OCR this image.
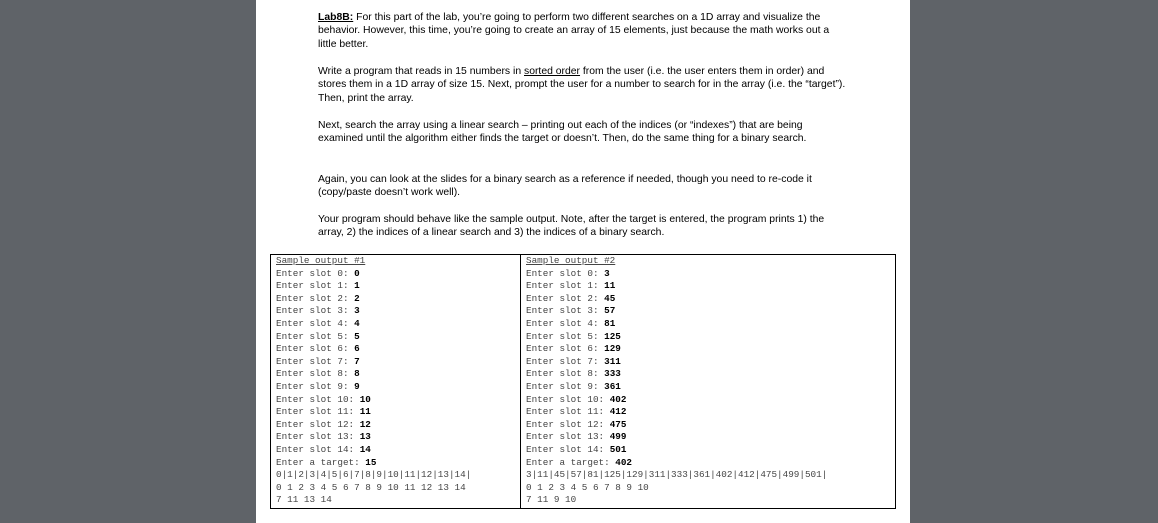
Lab8B: For this part of the lab, you’re going to perform two different searches on a 1D array and visualize the behavior. However, this time, you’re going to create an array of 15 elements, just because the math works out a little better.
Write a program that reads in 15 numbers in sorted order from the user (i.e. the user enters them in order) and stores them in a 1D array of size 15. Next, prompt the user for a number to search for in the array (i.e. the “target”). Then, print the array.
Next, search the array using a linear search – printing out each of the indices (or “indexes”) that are being examined until the algorithm either finds the target or doesn’t. Then, do the same thing for a binary search.
Again, you can look at the slides for a binary search as a reference if needed, though you need to re-code it (copy/paste doesn’t work well).
Your program should behave like the sample output. Note, after the target is entered, the program prints 1) the array, 2) the indices of a linear search and 3) the indices of a binary search.
Sample output #1
Enter slot 0: 0
Enter slot 1: 1
Enter slot 2: 2
Enter slot 3: 3
Enter slot 4: 4
Enter slot 5: 5
Enter slot 6: 6
Enter slot 7: 7
Enter slot 8: 8
Enter slot 9: 9
Enter slot 10: 10
Enter slot 11: 11
Enter slot 12: 12
Enter slot 13: 13
Enter slot 14: 14
Enter a target: 15
0|1|2|3|4|5|6|7|8|9|10|11|12|13|14|
0 1 2 3 4 5 6 7 8 9 10 11 12 13 14
7 11 13 14
Sample output #2
Enter slot 0: 3
Enter slot 1: 11
Enter slot 2: 45
Enter slot 3: 57
Enter slot 4: 81
Enter slot 5: 125
Enter slot 6: 129
Enter slot 7: 311
Enter slot 8: 333
Enter slot 9: 361
Enter slot 10: 402
Enter slot 11: 412
Enter slot 12: 475
Enter slot 13: 499
Enter slot 14: 501
Enter a target: 402
3|11|45|57|81|125|129|311|333|361|402|412|475|499|501|
0 1 2 3 4 5 6 7 8 9 10
7 11 9 10
